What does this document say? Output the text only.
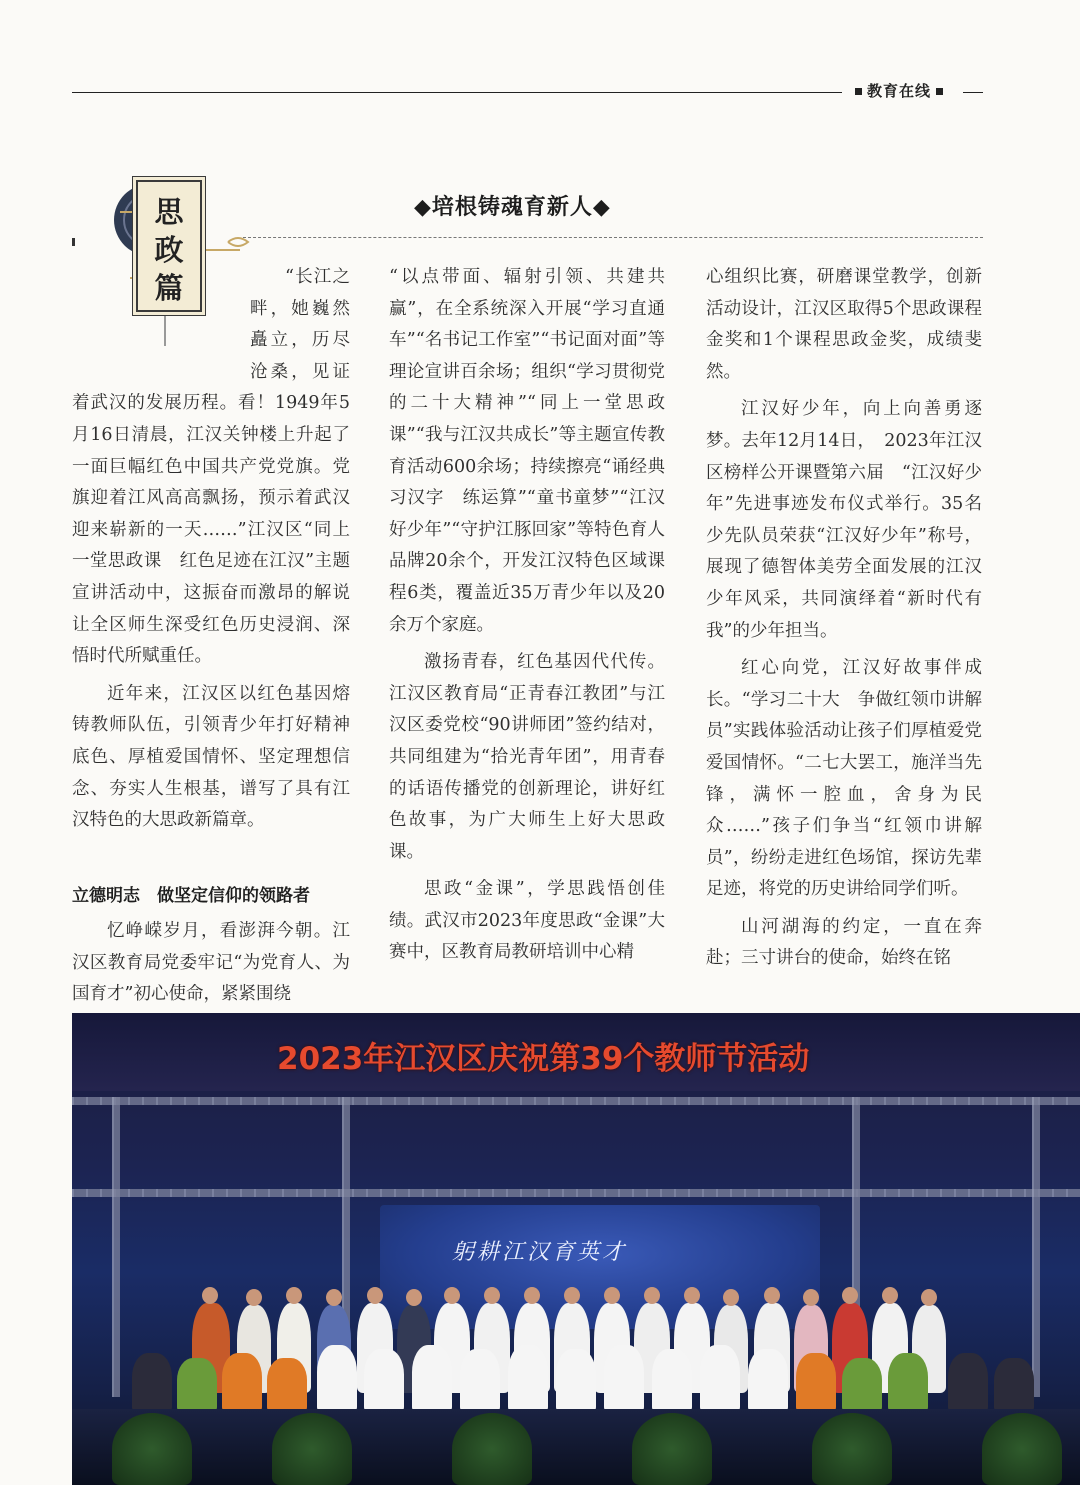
教育在线
思
政
篇
◆培根铸魂育新人◆

“长江之畔，她巍然矗立，历尽沧桑，见证着武汉的发展历程。看！1949年5月16日清晨，江汉关钟楼上升起了一面巨幅红色中国共产党党旗。党旗迎着江风高高飘扬，预示着武汉迎来崭新的一天……”江汉区“同上一堂思政课　红色足迹在江汉”主题宣讲活动中，这振奋而激昂的解说让全区师生深受红色历史浸润、深悟时代所赋重任。

近年来，江汉区以红色基因熔铸教师队伍，引领青少年打好精神底色、厚植爱国情怀、坚定理想信念、夯实人生根基，谱写了具有江汉特色的大思政新篇章。

立德明志　做坚定信仰的领路者

忆峥嵘岁月，看澎湃今朝。江汉区教育局党委牢记“为党育人、为国育才”初心使命，紧紧围绕

“以点带面、辐射引领、共建共赢”，在全系统深入开展“学习直通车”“名书记工作室”“书记面对面”等理论宣讲百余场；组织“学习贯彻党的二十大精神”“同上一堂思政课”“我与江汉共成长”等主题宣传教育活动600余场；持续擦亮“诵经典　习汉字　练运算”“童书童梦”“江汉好少年”“守护江豚回家”等特色育人品牌20余个，开发江汉特色区域课程6类，覆盖近35万青少年以及20余万个家庭。

激扬青春，红色基因代代传。江汉区教育局“正青春江教团”与江汉区委党校“90讲师团”签约结对，共同组建为“拾光青年团”，用青春的话语传播党的创新理论，讲好红色故事，为广大师生上好大思政课。

思政“金课”，学思践悟创佳绩。武汉市2023年度思政“金课”大赛中，区教育局教研培训中心精

心组织比赛，研磨课堂教学，创新活动设计，江汉区取得5个思政课程金奖和1个课程思政金奖，成绩斐然。

江汉好少年，向上向善勇逐梦。去年12月14日，　2023年江汉区榜样公开课暨第六届　“江汉好少年”先进事迹发布仪式举行。35名少先队员荣获“江汉好少年”称号，展现了德智体美劳全面发展的江汉少年风采，共同演绎着“新时代有我”的少年担当。

红心向党，江汉好故事伴成长。“学习二十大　争做红领巾讲解员”实践体验活动让孩子们厚植爱党爱国情怀。“二七大罢工，施洋当先锋，满怀一腔血，舍身为民众……”孩子们争当“红领巾讲解员”，纷纷走进红色场馆，探访先辈足迹，将党的历史讲给同学们听。

山河湖海的约定，一直在奔赴；三寸讲台的使命，始终在铭

2023年江汉区庆祝第39个教师节活动
躬耕江汉育英才
